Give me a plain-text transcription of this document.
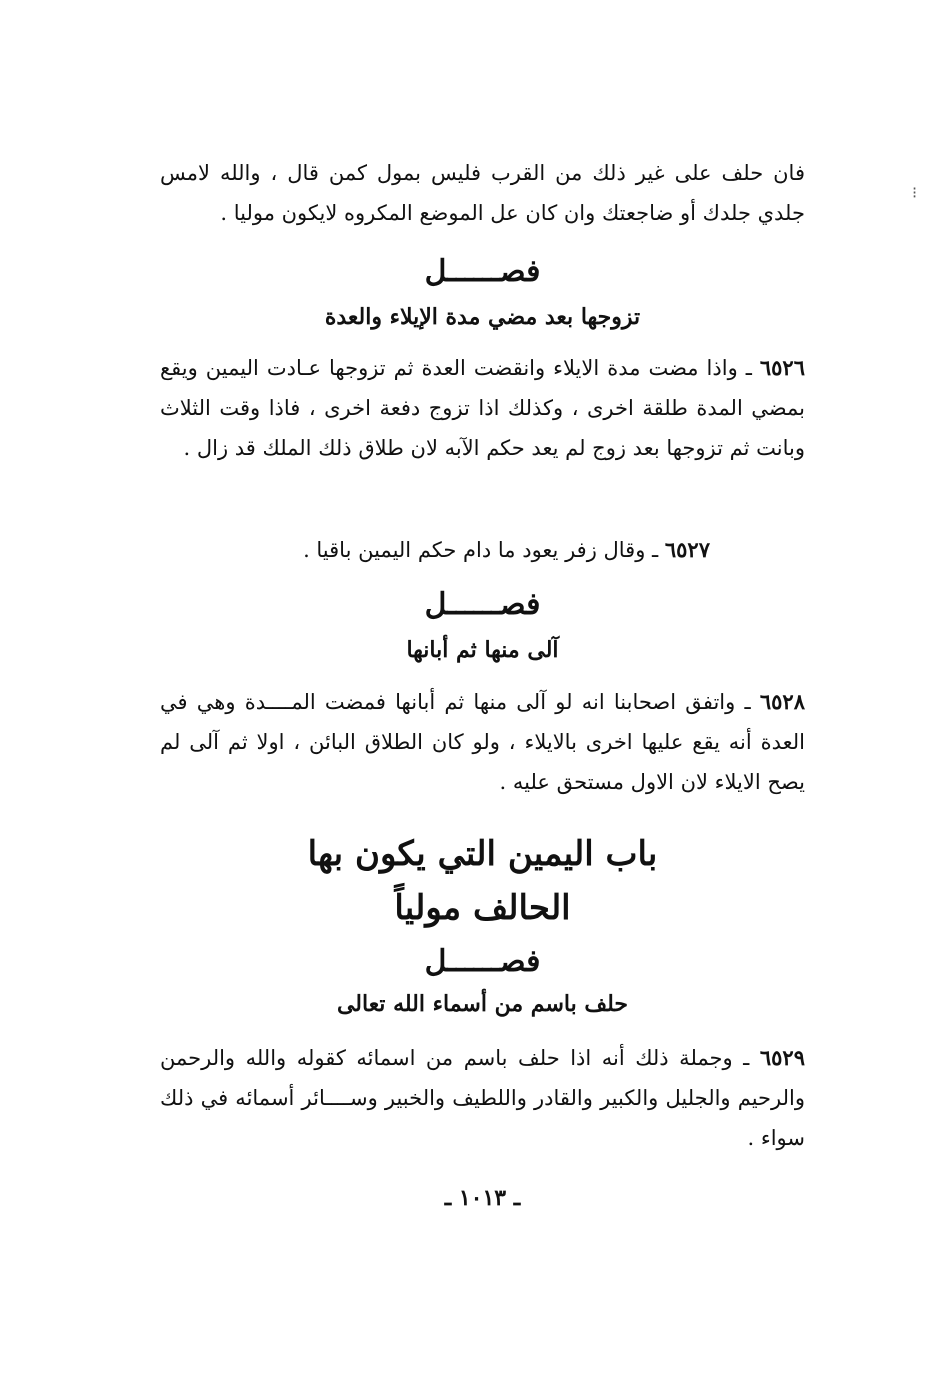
⁝

فان حلف على غير ذلك من القرب فليس بمول كمن قال ، والله لامس جلدي جلدك أو ضاجعتك وان كان عل الموضع المكروه لايكون موليا .

فصــــــل
تزوجها بعد مضي مدة الإيلاء والعدة

٦٥٢٦ ـ واذا مضت مدة الايلاء وانقضت العدة ثم تزوجها عـادت اليمين ويقع بمضي المدة طلقة اخرى ، وكذلك اذا تزوج دفعة اخرى ، فاذا وقت الثلاث وبانت ثم تزوجها بعد زوج لم يعد حكم الآبه لان طلاق ذلك الملك قد زال .

٦٥٢٧ ـ وقال زفر يعود ما دام حكم اليمين باقيا .

فصــــــل
آلى منها ثم أبانها

٦٥٢٨ ـ واتفق اصحابنا انه لو آلى منها ثم أبانها فمضت المــــدة وهي في العدة أنه يقع عليها اخرى بالايلاء ، ولو كان الطلاق البائن ، اولا ثم آلى لم يصح الايلاء لان الاول مستحق عليه .

باب اليمين التي يكون بها
الحالف مولياً
فصــــــل
حلف باسم من أسماء الله تعالى

٦٥٢٩ ـ وجملة ذلك أنه اذا حلف باسم من اسمائه كقوله والله والرحمن والرحيم والجليل والكبير والقادر واللطيف والخبير وســــائر أسمائه في ذلك سواء .

ـ ١٠١٣ ـ
